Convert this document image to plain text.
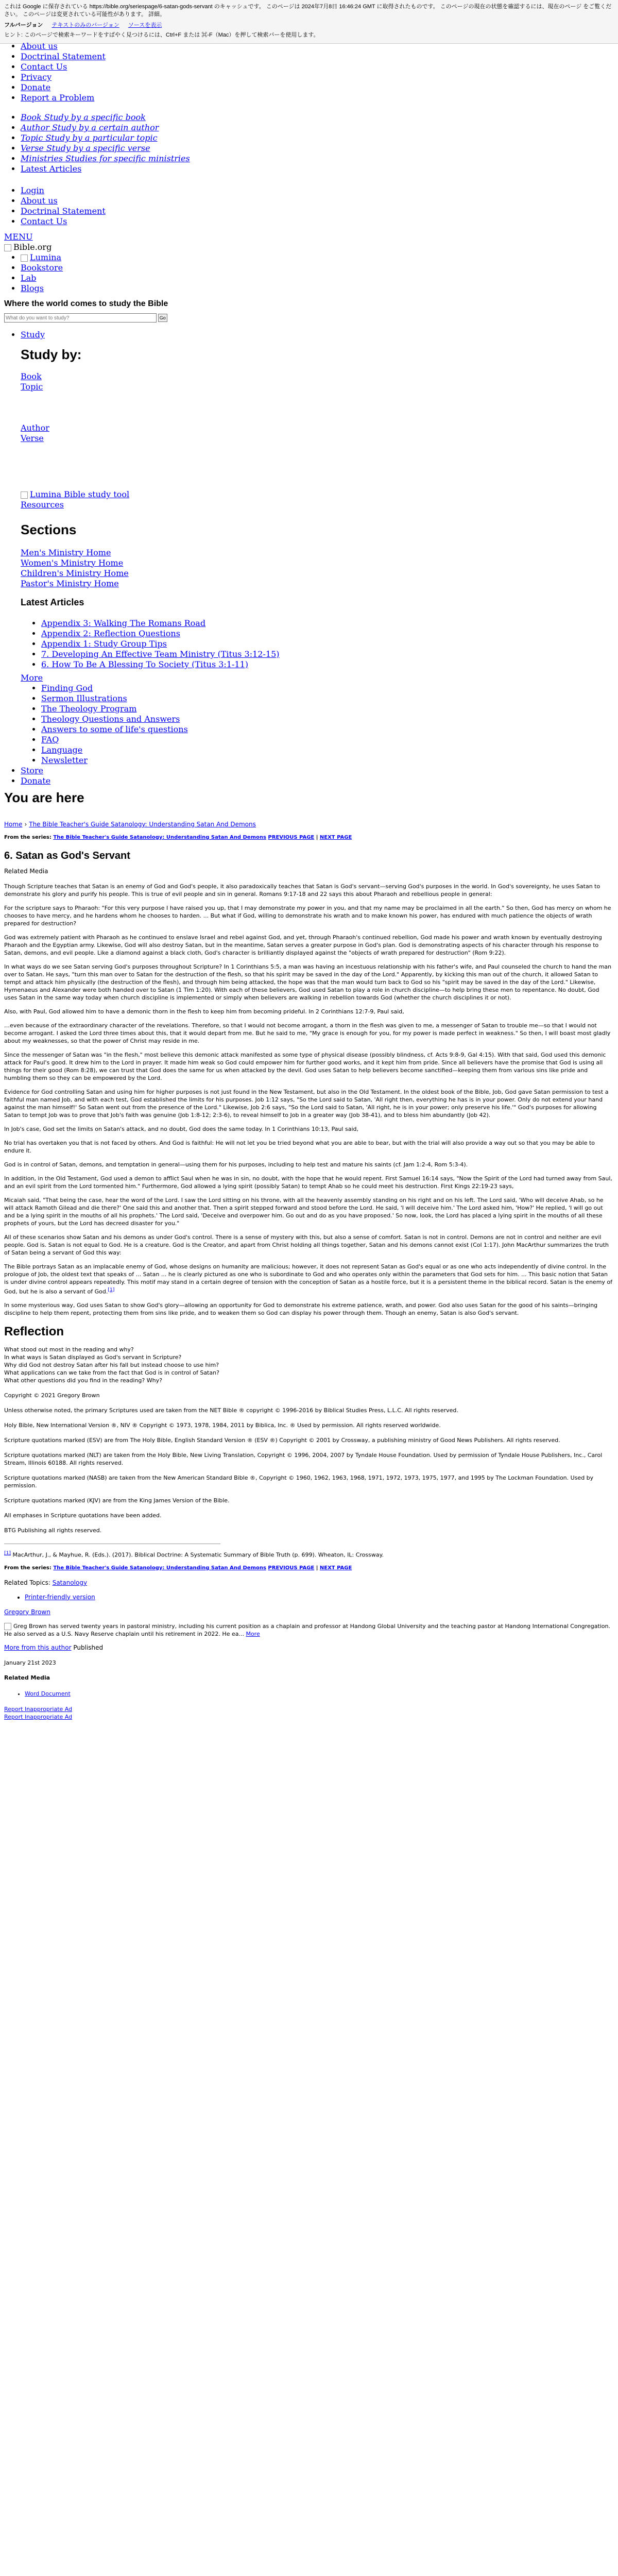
これは Google に保存されている https://bible.org/seriespage/6-satan-gods-servant のキャッシュです。 このページは 2024年7月8日 16:46:24 GMT に取得されたものです。 このページの現在の状態を確認するには、現在のページ をご覧ください。 このページは変更されている可能性があります。 詳細。
フルバージョン テキストのみのバージョン ソースを表示
ヒント: このページで検索キーワードをすばやく見つけるには、Ctrl+F または ⌘-F（Mac）を押して検索バーを使用します。
• About us
• Doctrinal Statement
• Contact Us
• Privacy
• Donate
• Report a Problem
• Book Study by a specific book
• Author Study by a certain author
• Topic Study by a particular topic
• Verse Study by a specific verse
• Ministries Studies for specific ministries
• Latest Articles
• Login
• About us
• Doctrinal Statement
• Contact Us
MENU
Bible.org
• Lumina
• Bookstore
• Lab
• Blogs
Where the world comes to study the Bible
What do you want to study? Go
• Study
Study by:
Book
Topic
Author
Verse
Lumina Bible study tool
Resources
Sections
Men's Ministry Home
Women's Ministry Home
Children's Ministry Home
Pastor's Ministry Home
Latest Articles
• Appendix 3: Walking The Romans Road
• Appendix 2: Reflection Questions
• Appendix 1: Study Group Tips
• 7. Developing An Effective Team Ministry (Titus 3:12-15)
• 6. How To Be A Blessing To Society (Titus 3:1-11)
More
• Finding God
• Sermon Illustrations
• The Theology Program
• Theology Questions and Answers
• Answers to some of life's questions
• FAQ
• Language
• Newsletter
• Store
• Donate
You are here
Home › The Bible Teacher's Guide Satanology: Understanding Satan And Demons
From the series: The Bible Teacher's Guide Satanology: Understanding Satan And Demons PREVIOUS PAGE | NEXT PAGE
6. Satan as God's Servant
Related Media

Though Scripture teaches that Satan is an enemy of God and God's people, it also paradoxically teaches that Satan is God's servant—serving God's purposes in the world. In God's sovereignty, he uses Satan to demonstrate his glory and purify his people. This is true of evil people and sin in general. Romans 9:17-18 and 22 says this about Pharaoh and rebellious people in general:

For the scripture says to Pharaoh: "For this very purpose I have raised you up, that I may demonstrate my power in you, and that my name may be proclaimed in all the earth." So then, God has mercy on whom he chooses to have mercy, and he hardens whom he chooses to harden. ... But what if God, willing to demonstrate his wrath and to make known his power, has endured with much patience the objects of wrath prepared for destruction?

God was extremely patient with Pharaoh as he continued to enslave Israel and rebel against God, and yet, through Pharaoh's continued rebellion, God made his power and wrath known by eventually destroying Pharaoh and the Egyptian army. Likewise, God will also destroy Satan, but in the meantime, Satan serves a greater purpose in God's plan. God is demonstrating aspects of his character through his response to Satan, demons, and evil people. Like a diamond against a black cloth, God's character is brilliantly displayed against the "objects of wrath prepared for destruction" (Rom 9:22).

In what ways do we see Satan serving God's purposes throughout Scripture? In 1 Corinthians 5:5, a man was having an incestuous relationship with his father's wife, and Paul counseled the church to hand the man over to Satan. He says, "turn this man over to Satan for the destruction of the flesh, so that his spirit may be saved in the day of the Lord." Apparently, by kicking this man out of the church, it allowed Satan to tempt and attack him physically (the destruction of the flesh), and through him being attacked, the hope was that the man would turn back to God so his "spirit may be saved in the day of the Lord." Likewise, Hymenaeus and Alexander were both handed over to Satan (1 Tim 1:20). With each of these believers, God used Satan to play a role in church discipline—to help bring these men to repentance. No doubt, God uses Satan in the same way today when church discipline is implemented or simply when believers are walking in rebellion towards God (whether the church disciplines it or not).

Also, with Paul, God allowed him to have a demonic thorn in the flesh to keep him from becoming prideful. In 2 Corinthians 12:7-9, Paul said,

…even because of the extraordinary character of the revelations. Therefore, so that I would not become arrogant, a thorn in the flesh was given to me, a messenger of Satan to trouble me—so that I would not become arrogant. I asked the Lord three times about this, that it would depart from me. But he said to me, "My grace is enough for you, for my power is made perfect in weakness." So then, I will boast most gladly about my weaknesses, so that the power of Christ may reside in me.

Since the messenger of Satan was "in the flesh," most believe this demonic attack manifested as some type of physical disease (possibly blindness, cf. Acts 9:8-9, Gal 4:15). With that said, God used this demonic attack for Paul's good. It drew him to the Lord in prayer. It made him weak so God could empower him for further good works, and it kept him from pride. Since all believers have the promise that God is using all things for their good (Rom 8:28), we can trust that God does the same for us when attacked by the devil. God uses Satan to help believers become sanctified—keeping them from various sins like pride and humbling them so they can be empowered by the Lord.

Evidence for God controlling Satan and using him for higher purposes is not just found in the New Testament, but also in the Old Testament. In the oldest book of the Bible, Job, God gave Satan permission to test a faithful man named Job, and with each test, God established the limits for his purposes. Job 1:12 says, "So the Lord said to Satan, 'All right then, everything he has is in your power. Only do not extend your hand against the man himself!' So Satan went out from the presence of the Lord." Likewise, Job 2:6 says, "So the Lord said to Satan, 'All right, he is in your power; only preserve his life.'" God's purposes for allowing Satan to tempt Job was to prove that Job's faith was genuine (Job 1:8-12; 2:3-6), to reveal himself to Job in a greater way (Job 38-41), and to bless him abundantly (Job 42).

In Job's case, God set the limits on Satan's attack, and no doubt, God does the same today. In 1 Corinthians 10:13, Paul said,

No trial has overtaken you that is not faced by others. And God is faithful: He will not let you be tried beyond what you are able to bear, but with the trial will also provide a way out so that you may be able to endure it.

God is in control of Satan, demons, and temptation in general—using them for his purposes, including to help test and mature his saints (cf. Jam 1:2-4, Rom 5:3-4).

In addition, in the Old Testament, God used a demon to afflict Saul when he was in sin, no doubt, with the hope that he would repent. First Samuel 16:14 says, "Now the Spirit of the Lord had turned away from Saul, and an evil spirit from the Lord tormented him." Furthermore, God allowed a lying spirit (possibly Satan) to tempt Ahab so he could meet his destruction. First Kings 22:19-23 says,

Micaiah said, "That being the case, hear the word of the Lord. I saw the Lord sitting on his throne, with all the heavenly assembly standing on his right and on his left. The Lord said, 'Who will deceive Ahab, so he will attack Ramoth Gilead and die there?' One said this and another that. Then a spirit stepped forward and stood before the Lord. He said, 'I will deceive him.' The Lord asked him, 'How?' He replied, 'I will go out and be a lying spirit in the mouths of all his prophets.' The Lord said, 'Deceive and overpower him. Go out and do as you have proposed.' So now, look, the Lord has placed a lying spirit in the mouths of all these prophets of yours, but the Lord has decreed disaster for you."

All of these scenarios show Satan and his demons as under God's control. There is a sense of mystery with this, but also a sense of comfort. Satan is not in control. Demons are not in control and neither are evil people. God is. Satan is not equal to God. He is a creature. God is the Creator, and apart from Christ holding all things together, Satan and his demons cannot exist (Col 1:17). John MacArthur summarizes the truth of Satan being a servant of God this way:

The Bible portrays Satan as an implacable enemy of God, whose designs on humanity are malicious; however, it does not represent Satan as God's equal or as one who acts independently of divine control. In the prologue of Job, the oldest text that speaks of ... Satan ... he is clearly pictured as one who is subordinate to God and who operates only within the parameters that God sets for him. ... This basic notion that Satan is under divine control appears repeatedly. This motif may stand in a certain degree of tension with the conception of Satan as a hostile force, but it is a persistent theme in the biblical record. Satan is the enemy of God, but he is also a servant of God.[1]

In some mysterious way, God uses Satan to show God's glory—allowing an opportunity for God to demonstrate his extreme patience, wrath, and power. God also uses Satan for the good of his saints—bringing discipline to help them repent, protecting them from sins like pride, and to weaken them so God can display his power through them. Though an enemy, Satan is also God's servant.

Reflection
What stood out most in the reading and why?
In what ways is Satan displayed as God's servant in Scripture?
Why did God not destroy Satan after his fall but instead choose to use him?
What applications can we take from the fact that God is in control of Satan?
What other questions did you find in the reading? Why?
Copyright © 2021 Gregory Brown

Unless otherwise noted, the primary Scriptures used are taken from the NET Bible ® copyright © 1996-2016 by Biblical Studies Press, L.L.C. All rights reserved.

Holy Bible, New International Version ®, NIV ® Copyright © 1973, 1978, 1984, 2011 by Biblica, Inc. ® Used by permission. All rights reserved worldwide.

Scripture quotations marked (ESV) are from The Holy Bible, English Standard Version ® (ESV ®) Copyright © 2001 by Crossway, a publishing ministry of Good News Publishers. All rights reserved.

Scripture quotations marked (NLT) are taken from the Holy Bible, New Living Translation, Copyright © 1996, 2004, 2007 by Tyndale House Foundation. Used by permission of Tyndale House Publishers, Inc., Carol Stream, Illinois 60188. All rights reserved.

Scripture quotations marked (NASB) are taken from the New American Standard Bible ®, Copyright © 1960, 1962, 1963, 1968, 1971, 1972, 1973, 1975, 1977, and 1995 by The Lockman Foundation. Used by permission.

Scripture quotations marked (KJV) are from the King James Version of the Bible.

All emphases in Scripture quotations have been added.

BTG Publishing all rights reserved.

[1] MacArthur, J., & Mayhue, R. (Eds.). (2017). Biblical Doctrine: A Systematic Summary of Bible Truth (p. 699). Wheaton, IL: Crossway.
From the series: The Bible Teacher's Guide Satanology: Understanding Satan And Demons PREVIOUS PAGE | NEXT PAGE
Related Topics: Satanology
• Printer-friendly version
Gregory Brown
Greg Brown has served twenty years in pastoral ministry, including his current position as a chaplain and professor at Handong Global University and the teaching pastor at Handong International Congregation. He also served as a U.S. Navy Reserve chaplain until his retirement in 2022. He ea... More
More from this author Published
January 21st 2023
Related Media
• Word Document
Report Inappropriate Ad
Report Inappropriate Ad
